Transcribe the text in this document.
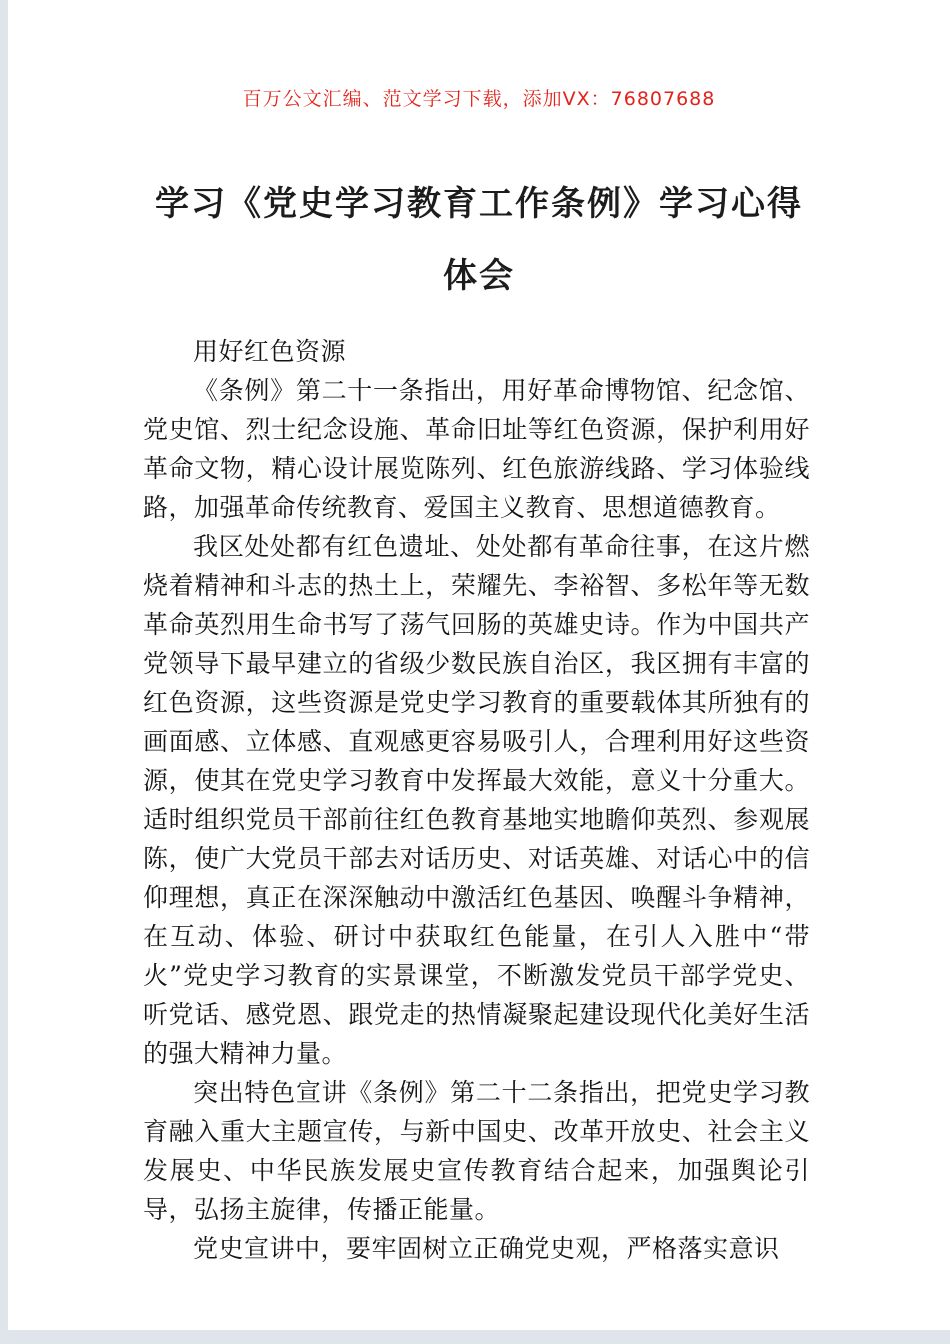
百万公文汇编、范文学习下载，添加VX：76807688
学习《党史学习教育工作条例》学习心得
体会

用好红色资源

《条例》第二十一条指出，用好革命博物馆、纪念馆、党史馆、烈士纪念设施、革命旧址等红色资源，保护利用好革命文物，精心设计展览陈列、红色旅游线路、学习体验线路，加强革命传统教育、爱国主义教育、思想道德教育。

我区处处都有红色遗址、处处都有革命往事，在这片燃烧着精神和斗志的热土上，荣耀先、李裕智、多松年等无数革命英烈用生命书写了荡气回肠的英雄史诗。作为中国共产党领导下最早建立的省级少数民族自治区，我区拥有丰富的红色资源，这些资源是党史学习教育的重要载体其所独有的画面感、立体感、直观感更容易吸引人，合理利用好这些资源，使其在党史学习教育中发挥最大效能，意义十分重大。适时组织党员干部前往红色教育基地实地瞻仰英烈、参观展陈，使广大党员干部去对话历史、对话英雄、对话心中的信仰理想，真正在深深触动中激活红色基因、唤醒斗争精神，在互动、体验、研讨中获取红色能量，在引人入胜中“带火”党史学习教育的实景课堂，不断激发党员干部学党史、听党话、感党恩、跟党走的热情凝聚起建设现代化美好生活的强大精神力量。

突出特色宣讲《条例》第二十二条指出，把党史学习教育融入重大主题宣传，与新中国史、改革开放史、社会主义发展史、中华民族发展史宣传教育结合起来，加强舆论引导，弘扬主旋律，传播正能量。

党史宣讲中，要牢固树立正确党史观，严格落实意识
